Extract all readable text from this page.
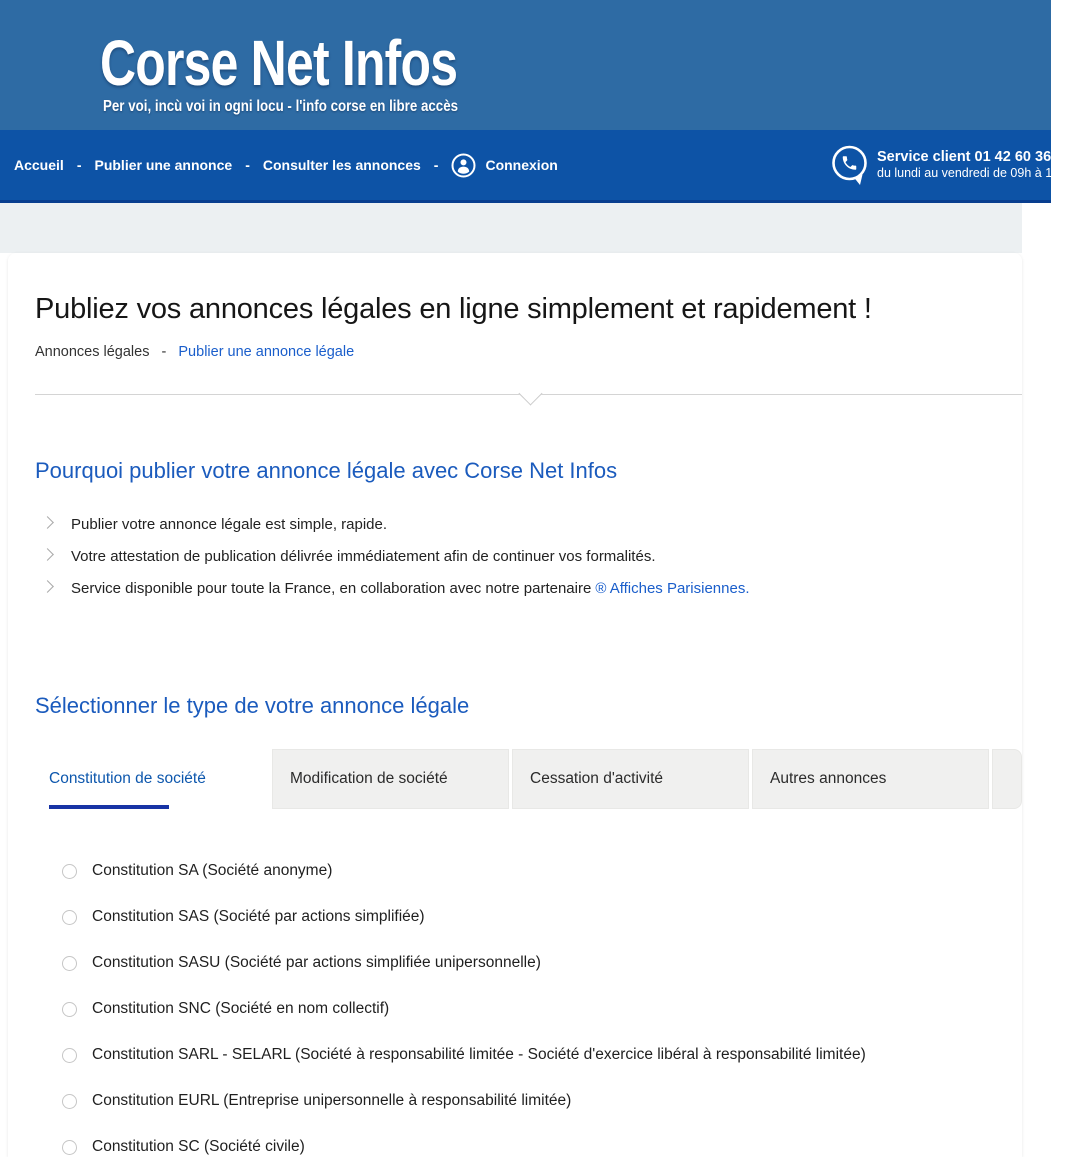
Corse Net Infos
Per voi, incù voi in ogni locu - l'info corse en libre accès
Accueil - Publier une annonce - Consulter les annonces -	Connexion	Service client 01 42 60 36 78
du lundi au vendredi de 09h à 18h
Publiez vos annonces légales en ligne simplement et rapidement !
Annonces légales - Publier une annonce légale
Pourquoi publier votre annonce légale avec Corse Net Infos
Publier votre annonce légale est simple, rapide.
Votre attestation de publication délivrée immédiatement afin de continuer vos formalités.
Service disponible pour toute la France, en collaboration avec notre partenaire ® Affiches Parisiennes.
Sélectionner le type de votre annonce légale
Constitution de société	Modification de société	Cessation d'activité	Autres annonces
Constitution SA (Société anonyme)
Constitution SAS (Société par actions simplifiée)
Constitution SASU (Société par actions simplifiée unipersonnelle)
Constitution SNC (Société en nom collectif)
Constitution SARL - SELARL (Société à responsabilité limitée - Société d'exercice libéral à responsabilité limitée)
Constitution EURL (Entreprise unipersonnelle à responsabilité limitée)
Constitution SC (Société civile)
